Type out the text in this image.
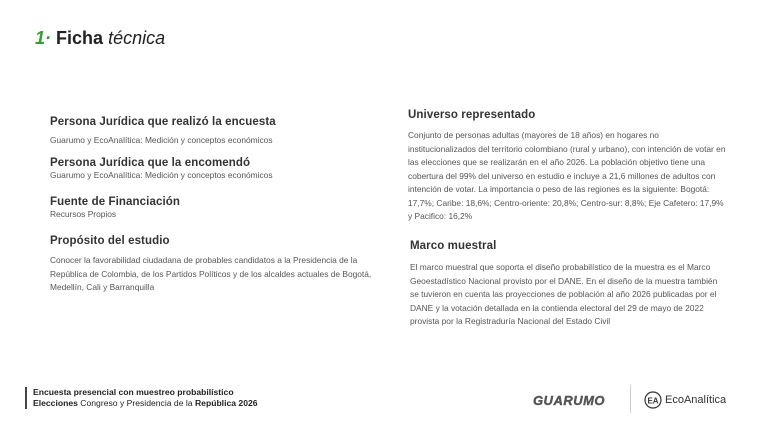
1· Ficha técnica
Persona Jurídica que realizó la encuesta
Guarumo y EcoAnalítica: Medición y conceptos económicos
Persona Jurídica que la encomendó
Guarumo y EcoAnalítica: Medición y conceptos económicos
Fuente de Financiación
Recursos Propios
Propósito del estudio
Conocer la favorabilidad ciudadana de probables candidatos a la Presidencia de la República de Colombia, de los Partidos Políticos y de los alcaldes actuales de Bogotá, Medellín, Cali y Barranquilla
Universo representado
Conjunto de personas adultas (mayores de 18 años) en hogares no institucionalizados del territorio colombiano (rural y urbano), con intención de votar en las elecciones que se realizarán en el año 2026. La población objetivo tiene una cobertura del 99% del universo en estudio e incluye a 21,6 millones de adultos con intención de votar. La importancia o peso de las regiones es la siguiente: Bogotá: 17,7%; Caribe: 18,6%; Centro-oriente: 20,8%; Centro-sur: 8,8%; Eje Cafetero: 17,9% y Pacifico: 16,2%
Marco muestral
El marco muestral que soporta el diseño probabilístico de la muestra es el Marco Geoestadístico Nacional provisto por el DANE. En el diseño de la muestra también se tuvieron en cuenta las proyecciones de población al año 2026 publicadas por el DANE y la votación detallada en la contienda electoral del 29 de mayo de 2022 provista por la Registraduría Nacional del Estado Civil
Encuesta presencial con muestreo probabilístico
Elecciones Congreso y Presidencia de la República 2026	GUARUMO	EA EcoAnalítica
